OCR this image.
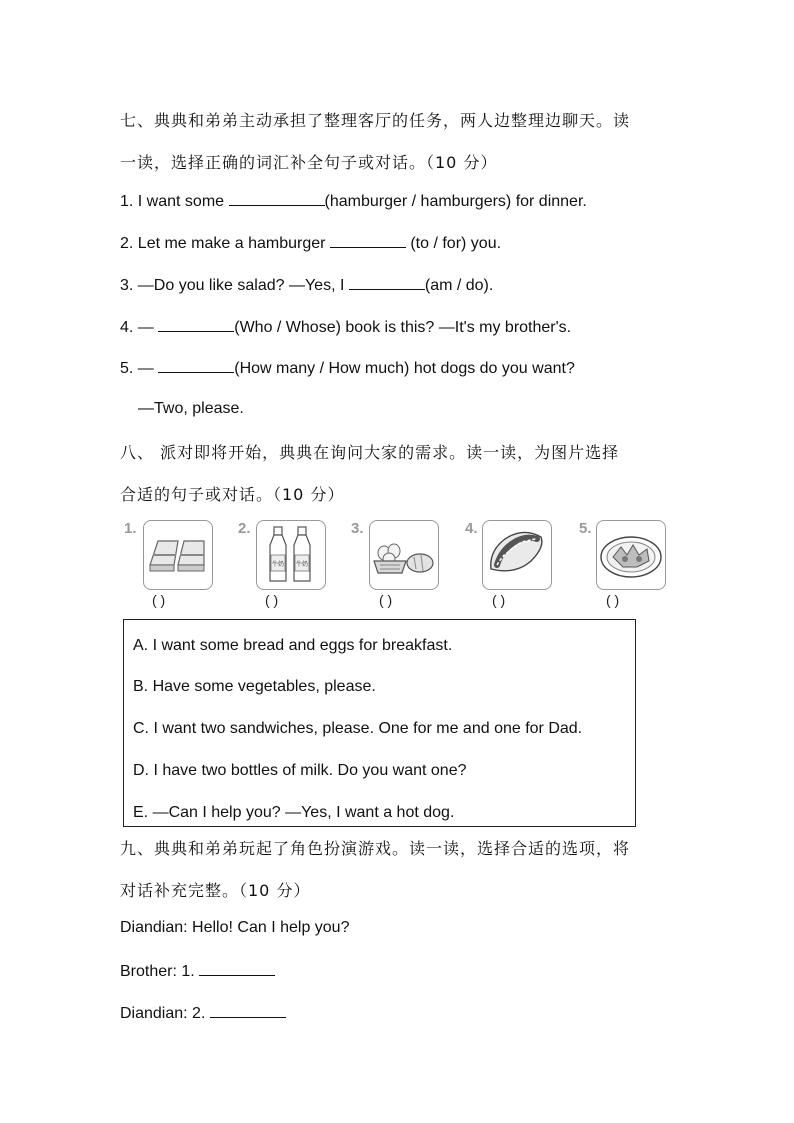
七、典典和弟弟主动承担了整理客厅的任务，两人边整理边聊天。读
一读，选择正确的词汇补全句子或对话。（10 分）
1. I want some	(hamburger / hamburgers) for dinner.
2. Let me make a hamburger	(to / for) you.
3. —Do you like salad? —Yes, I	(am / do).
4. —	(Who / Whose) book is this? —It's my brother's.
5. —	(How many / How much) hot dogs do you want?
—Two, please.
八、 派对即将开始，典典在询问大家的需求。读一读，为图片选择
合适的句子或对话。（10 分）
1.
( )
2.
牛奶 牛奶
( )
3.
( )
4.
( )
5.
( )
A. I want some bread and eggs for breakfast.
B. Have some vegetables, please.
C. I want two sandwiches, please. One for me and one for Dad.
D. I have two bottles of milk. Do you want one?
E. —Can I help you? —Yes, I want a hot dog.
九、典典和弟弟玩起了角色扮演游戏。读一读，选择合适的选项，将
对话补充完整。（10 分）
Diandian: Hello! Can I help you?
Brother: 1.
Diandian: 2.
